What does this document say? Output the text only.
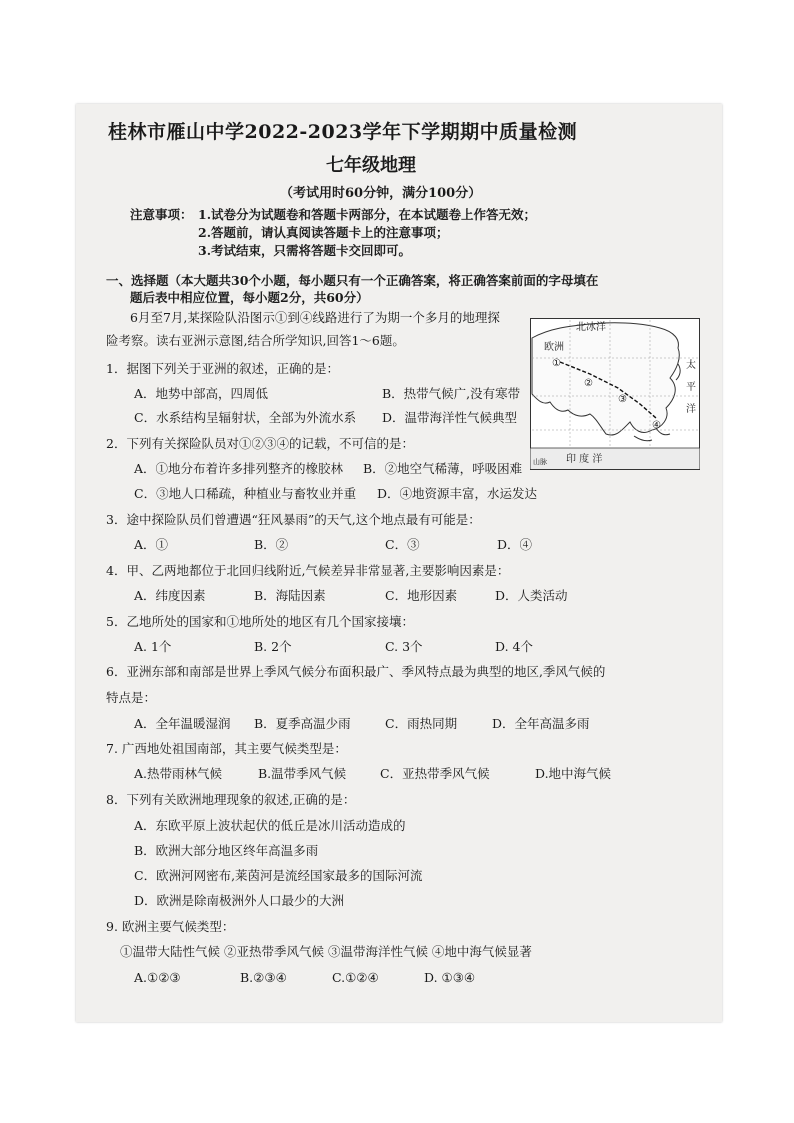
桂林市雁山中学2022-2023学年下学期期中质量检测
七年级地理
（考试用时60分钟，满分100分）
注意事项： 1.试卷分为试题卷和答题卡两部分，在本试题卷上作答无效；
2.答题前，请认真阅读答题卡上的注意事项；
3.考试结束，只需将答题卡交回即可。
一、选择题（本大题共30个小题，每小题只有一个正确答案，将正确答案前面的字母填在
题后表中相应位置，每小题2分，共60分）
6月至7月,某探险队沿图示①到④线路进行了为期一个多月的地理探
险考察。读右亚洲示意图,结合所学知识,回答1～6题。
北冰洋
欧洲
太
平
洋
印 度 洋
山脉
①
②
③
④
1．据图下列关于亚洲的叙述，正确的是：
A．地势中部高，四周低	B．热带气候广,没有寒带
C．水系结构呈辐射状，全部为外流水系 D．温带海洋性气候典型
2．下列有关探险队员对①②③④的记载，不可信的是：
A．①地分布着许多排列整齐的橡胶林 B．②地空气稀薄，呼吸困难
C．③地人口稀疏，种植业与畜牧业并重 D．④地资源丰富，水运发达
3．途中探险队员们曾遭遇“狂风暴雨”的天气,这个地点最有可能是：
A．①	B．②	C．③	D．④
4．甲、乙两地都位于北回归线附近,气候差异非常显著,主要影响因素是：
A．纬度因素	B．海陆因素	C．地形因素	D．人类活动
5．乙地所处的国家和①地所处的地区有几个国家接壤：
A. 1个	B. 2个	C. 3个	D. 4个
6．亚洲东部和南部是世界上季风气候分布面积最广、季风特点最为典型的地区,季风气候的
特点是：
A．全年温暖湿润 B．夏季高温少雨	C．雨热同期	D．全年高温多雨
7. 广西地处祖国南部，其主要气候类型是：
A.热带雨林气候	B.温带季风气候	C．亚热带季风气候	D.地中海气候
8．下列有关欧洲地理现象的叙述,正确的是：
A．东欧平原上波状起伏的低丘是冰川活动造成的
B．欧洲大部分地区终年高温多雨
C．欧洲河网密布,莱茵河是流经国家最多的国际河流
D．欧洲是除南极洲外人口最少的大洲
9. 欧洲主要气候类型：
①温带大陆性气候 ②亚热带季风气候 ③温带海洋性气候 ④地中海气候显著
A.①②③	B.②③④	C.①②④	D. ①③④
